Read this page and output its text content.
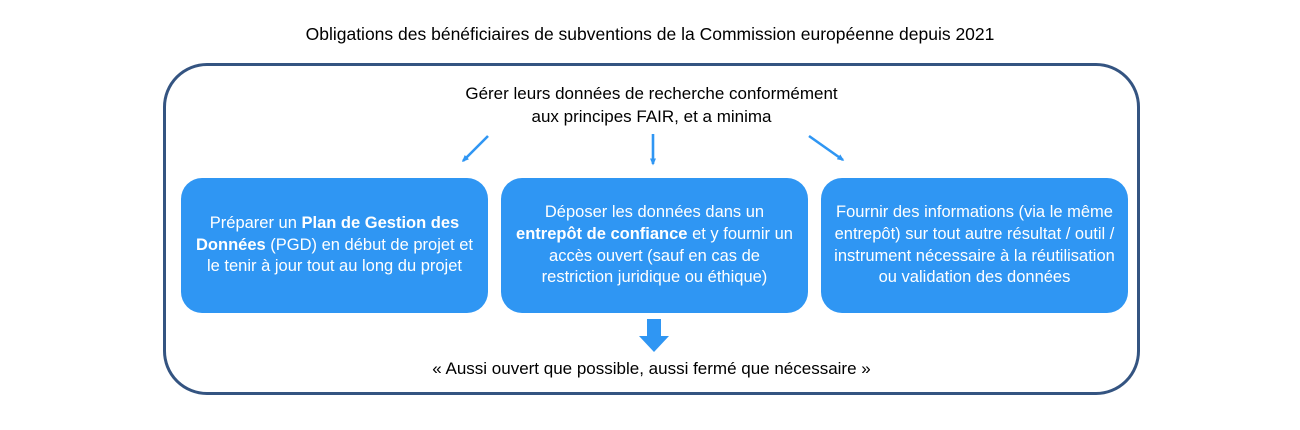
Obligations des bénéficiaires de subventions de la Commission européenne depuis 2021
Gérer leurs données de recherche conformément
aux principes FAIR, et a minima
Préparer un Plan de Gestion des Données (PGD) en début de projet et le tenir à jour tout au long du projet
Déposer les données dans un entrepôt de confiance et y fournir un accès ouvert (sauf en cas de restriction juridique ou éthique)
Fournir des informations (via le même entrepôt) sur tout autre résultat / outil / instrument nécessaire à la réutilisation ou validation des données
« Aussi ouvert que possible, aussi fermé que nécessaire »
